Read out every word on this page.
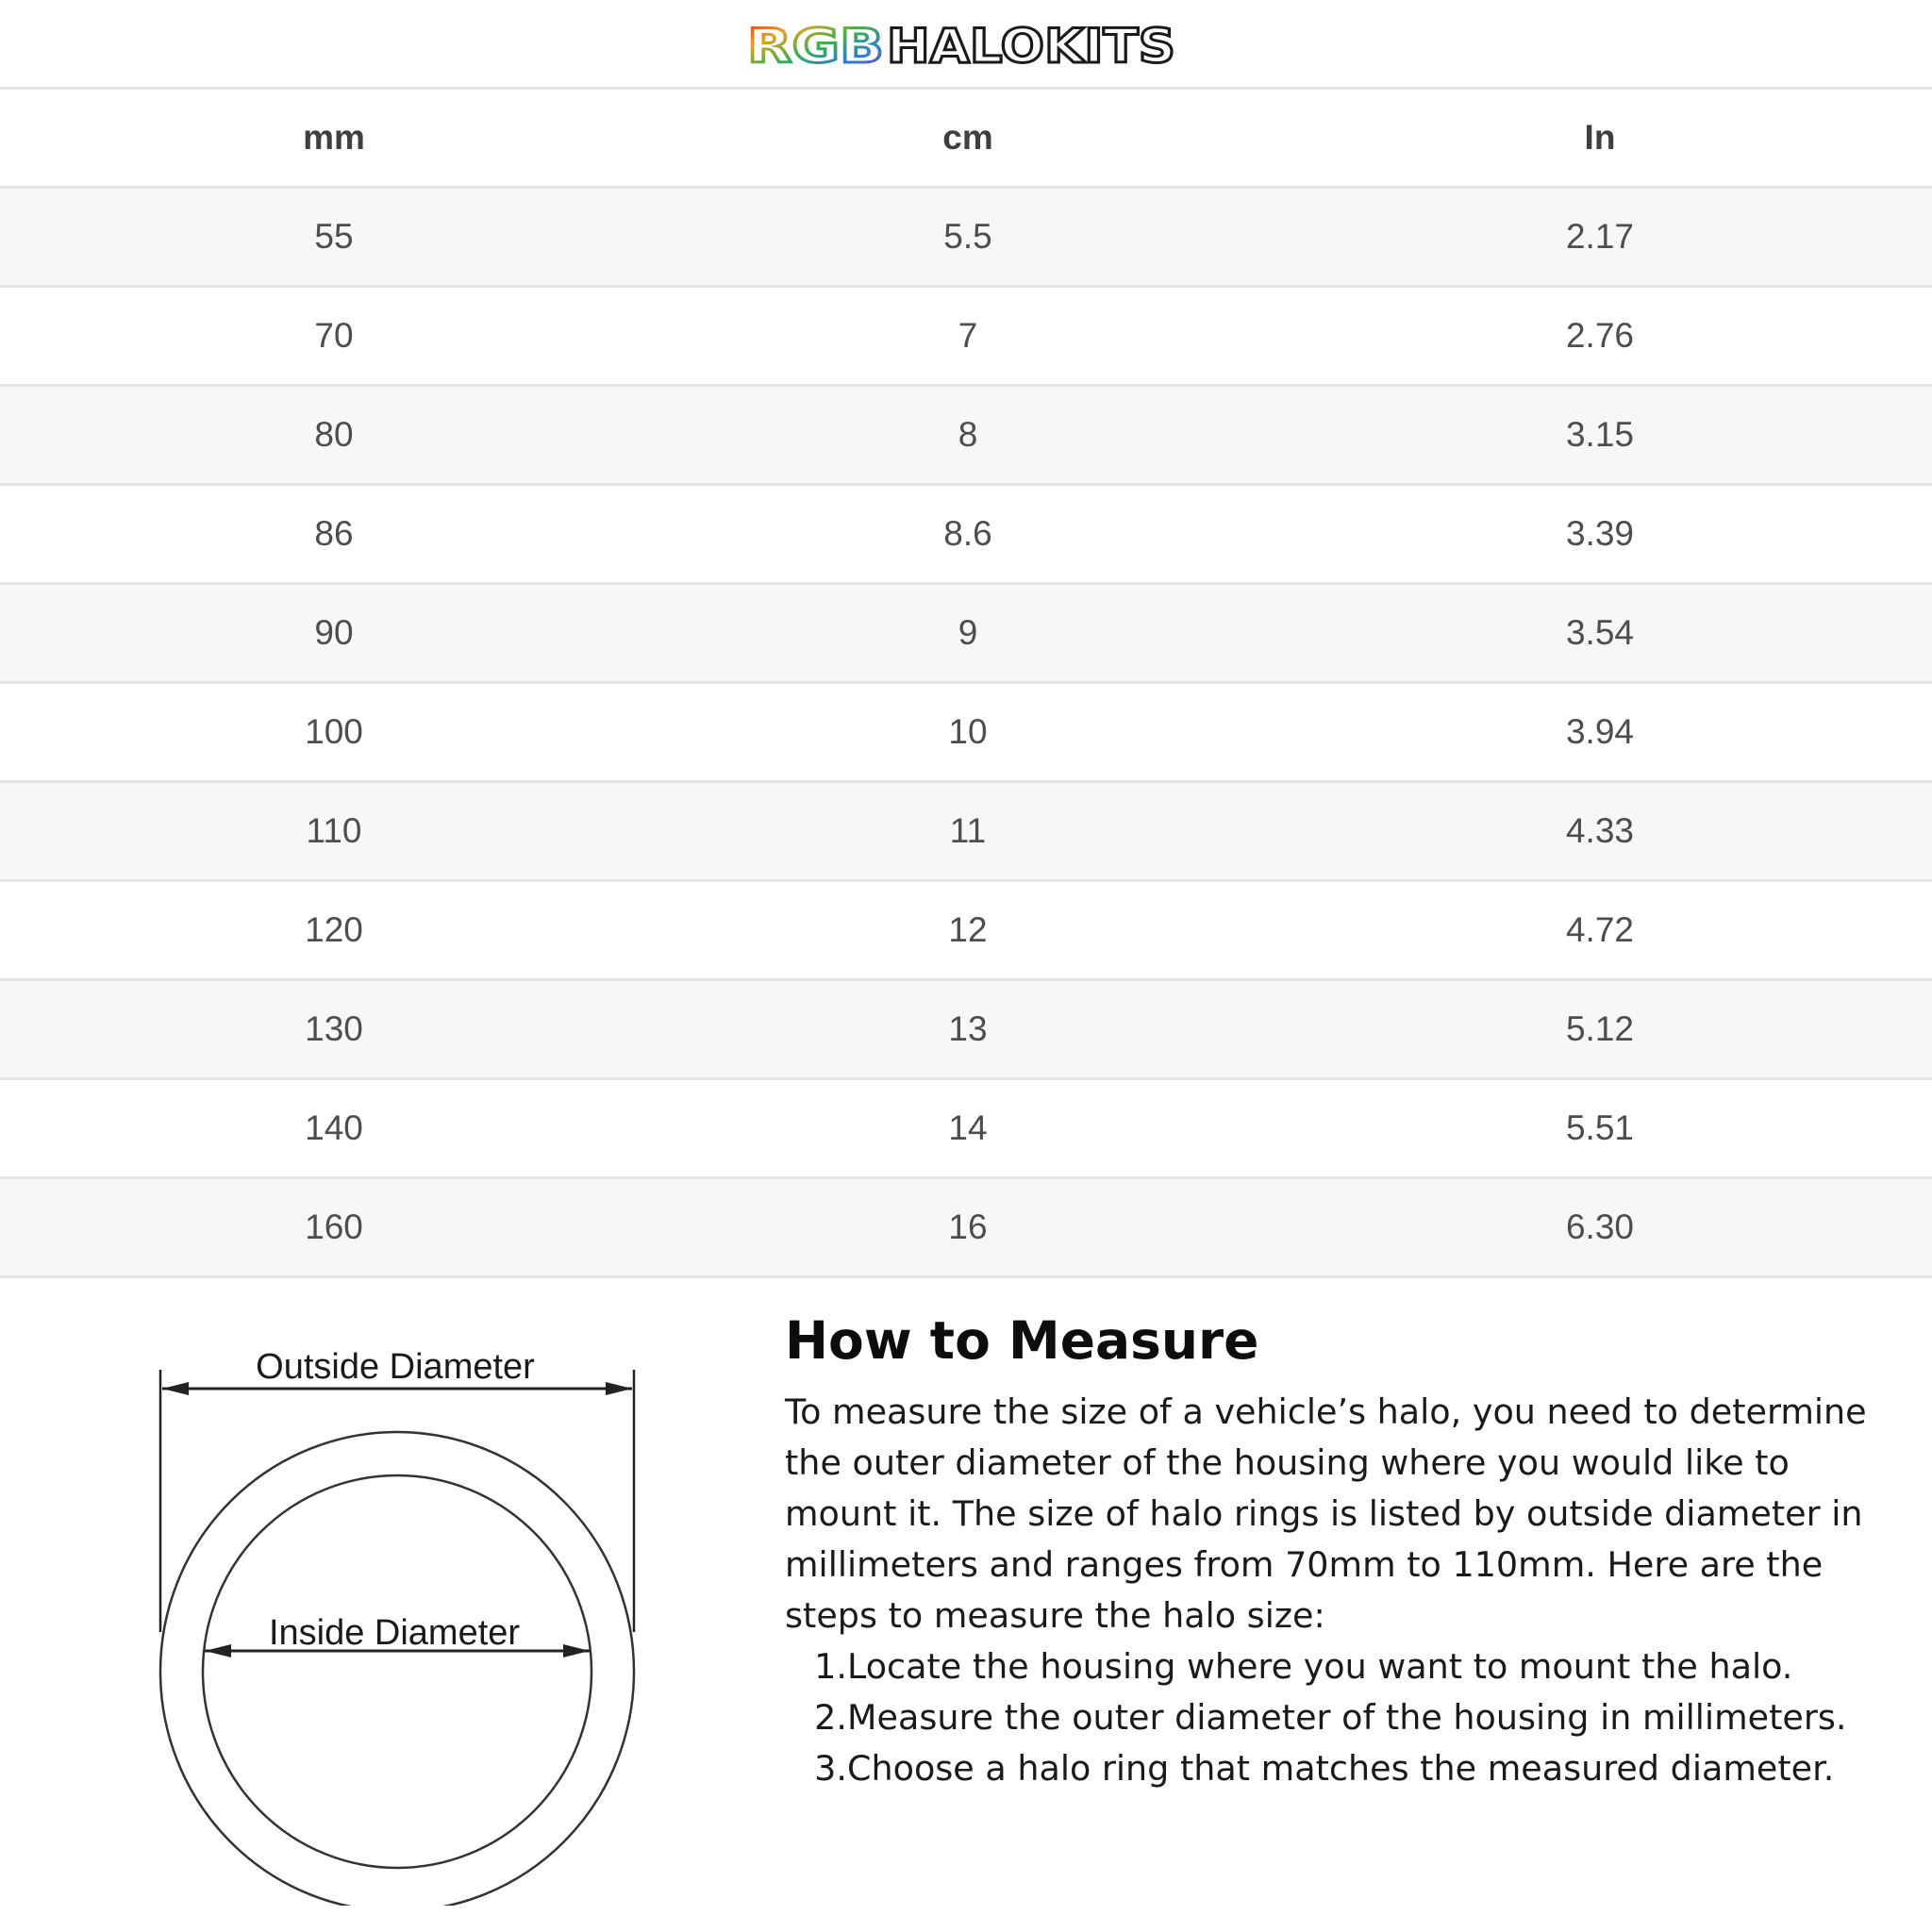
RGB HALOKITS
mm	cm	In
55	5.5	2.17
70	7	2.76
80	8	3.15
86	8.6	3.39
90	9	3.54
100	10	3.94
110	11	4.33
120	12	4.72
130	13	5.12
140	14	5.51
160	16	6.30
Outside Diameter
Inside Diameter
How to Measure

To measure the size of a vehicle’s halo, you need to determine the outer diameter of the housing where you would like to mount it. The size of halo rings is listed by outside diameter in millimeters and ranges from 70mm to 110mm. Here are the steps to measure the halo size:

1. Locate the housing where you want to mount the halo.
2. Measure the outer diameter of the housing in millimeters.
3. Choose a halo ring that matches the measured diameter.
